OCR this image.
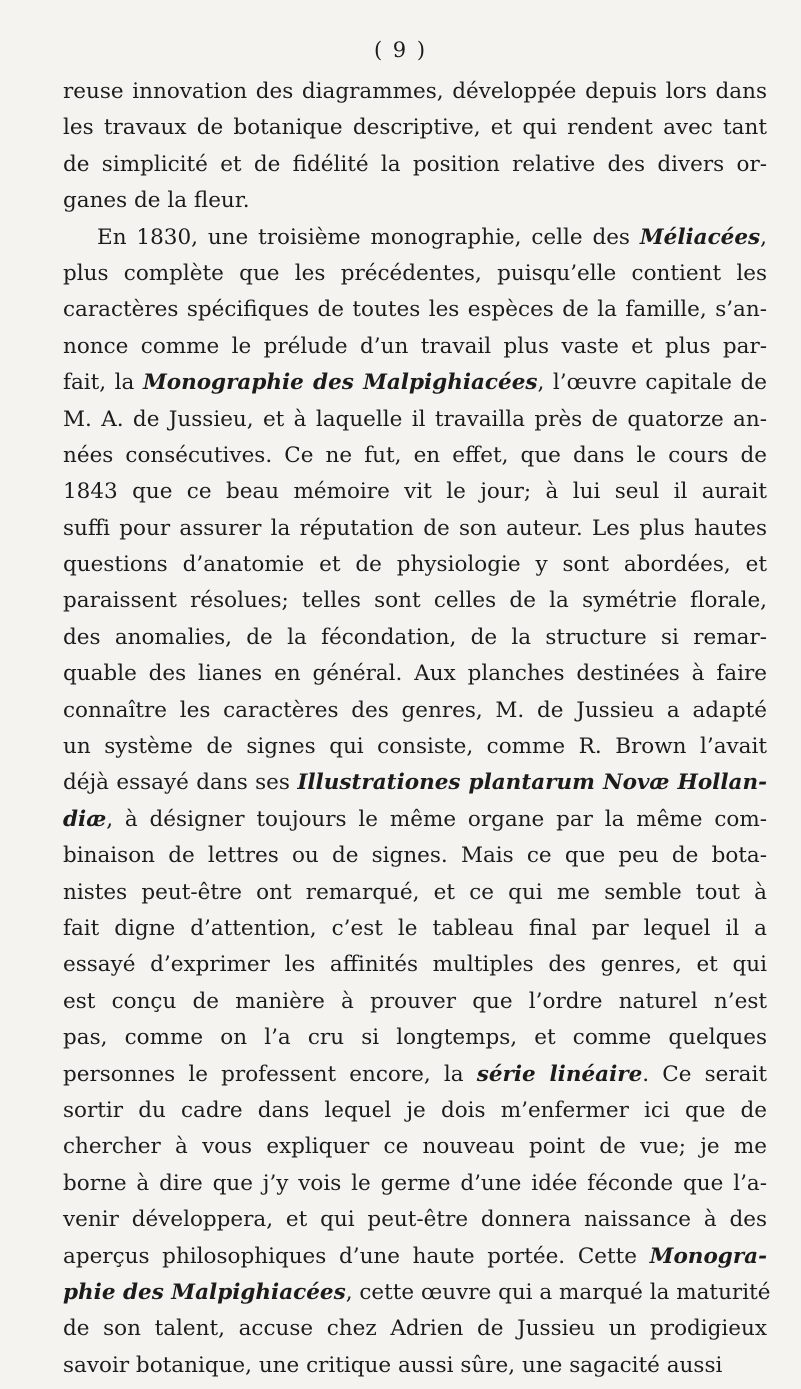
( 9 )
reuse innovation des diagrammes, développée depuis lors dans
les travaux de botanique descriptive, et qui rendent avec tant
de simplicité et de fidélité la position relative des divers or-
ganes de la fleur.
En 1830, une troisième monographie, celle des Méliacées,
plus complète que les précédentes, puisqu’elle contient les
caractères spécifiques de toutes les espèces de la famille, s’an-
nonce comme le prélude d’un travail plus vaste et plus par-
fait, la Monographie des Malpighiacées, l’œuvre capitale de
M. A. de Jussieu, et à laquelle il travailla près de quatorze an-
nées consécutives. Ce ne fut, en effet, que dans le cours de
1843 que ce beau mémoire vit le jour; à lui seul il aurait
suffi pour assurer la réputation de son auteur. Les plus hautes
questions d’anatomie et de physiologie y sont abordées, et
paraissent résolues; telles sont celles de la symétrie florale,
des anomalies, de la fécondation, de la structure si remar-
quable des lianes en général. Aux planches destinées à faire
connaître les caractères des genres, M. de Jussieu a adapté
un système de signes qui consiste, comme R. Brown l’avait
déjà essayé dans ses Illustrationes plantarum Novæ Hollan-
diæ, à désigner toujours le même organe par la même com-
binaison de lettres ou de signes. Mais ce que peu de bota-
nistes peut-être ont remarqué, et ce qui me semble tout à
fait digne d’attention, c’est le tableau final par lequel il a
essayé d’exprimer les affinités multiples des genres, et qui
est conçu de manière à prouver que l’ordre naturel n’est
pas, comme on l’a cru si longtemps, et comme quelques
personnes le professent encore, la série linéaire. Ce serait
sortir du cadre dans lequel je dois m’enfermer ici que de
chercher à vous expliquer ce nouveau point de vue; je me
borne à dire que j’y vois le germe d’une idée féconde que l’a-
venir développera, et qui peut-être donnera naissance à des
aperçus philosophiques d’une haute portée. Cette Monogra-
phie des Malpighiacées, cette œuvre qui a marqué la maturité
de son talent, accuse chez Adrien de Jussieu un prodigieux
savoir botanique, une critique aussi sûre, une sagacité aussi
